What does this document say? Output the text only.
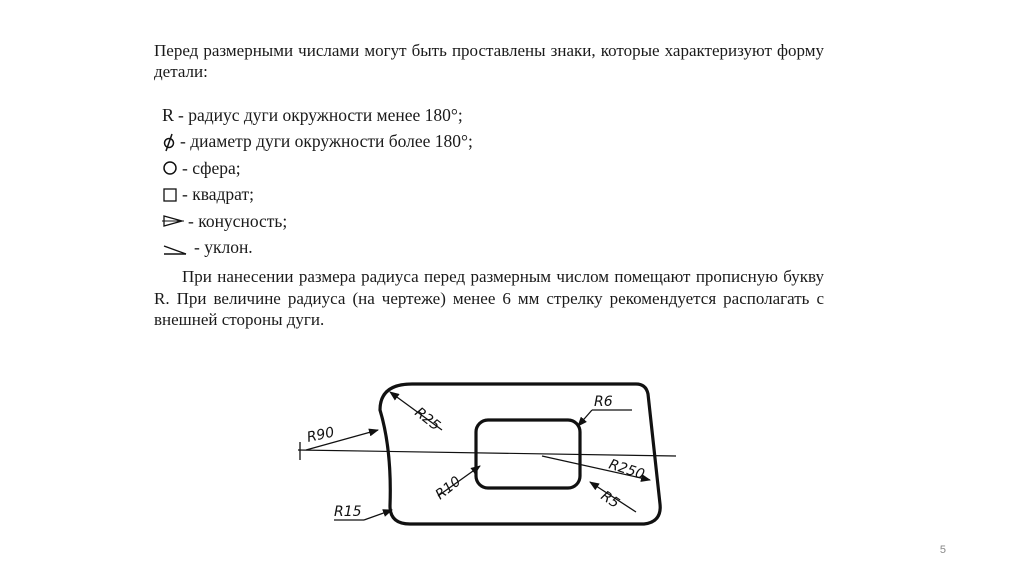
Перед размерными числами могут быть проставлены знаки, которые характеризуют форму детали:

R - радиус дуги окружности менее 180°;
- диаметр дуги окружности более 180°;
- сфера;
- квадрат;
- конусность;
- уклон.

При нанесении размера радиуса перед размерным числом помещают прописную букву R. При величине радиуса (на чертеже) менее 6 мм стрелку рекомендуется располагать с внешней стороны дуги.

R90
R25
R6
R10
R250
R5
R15
5
